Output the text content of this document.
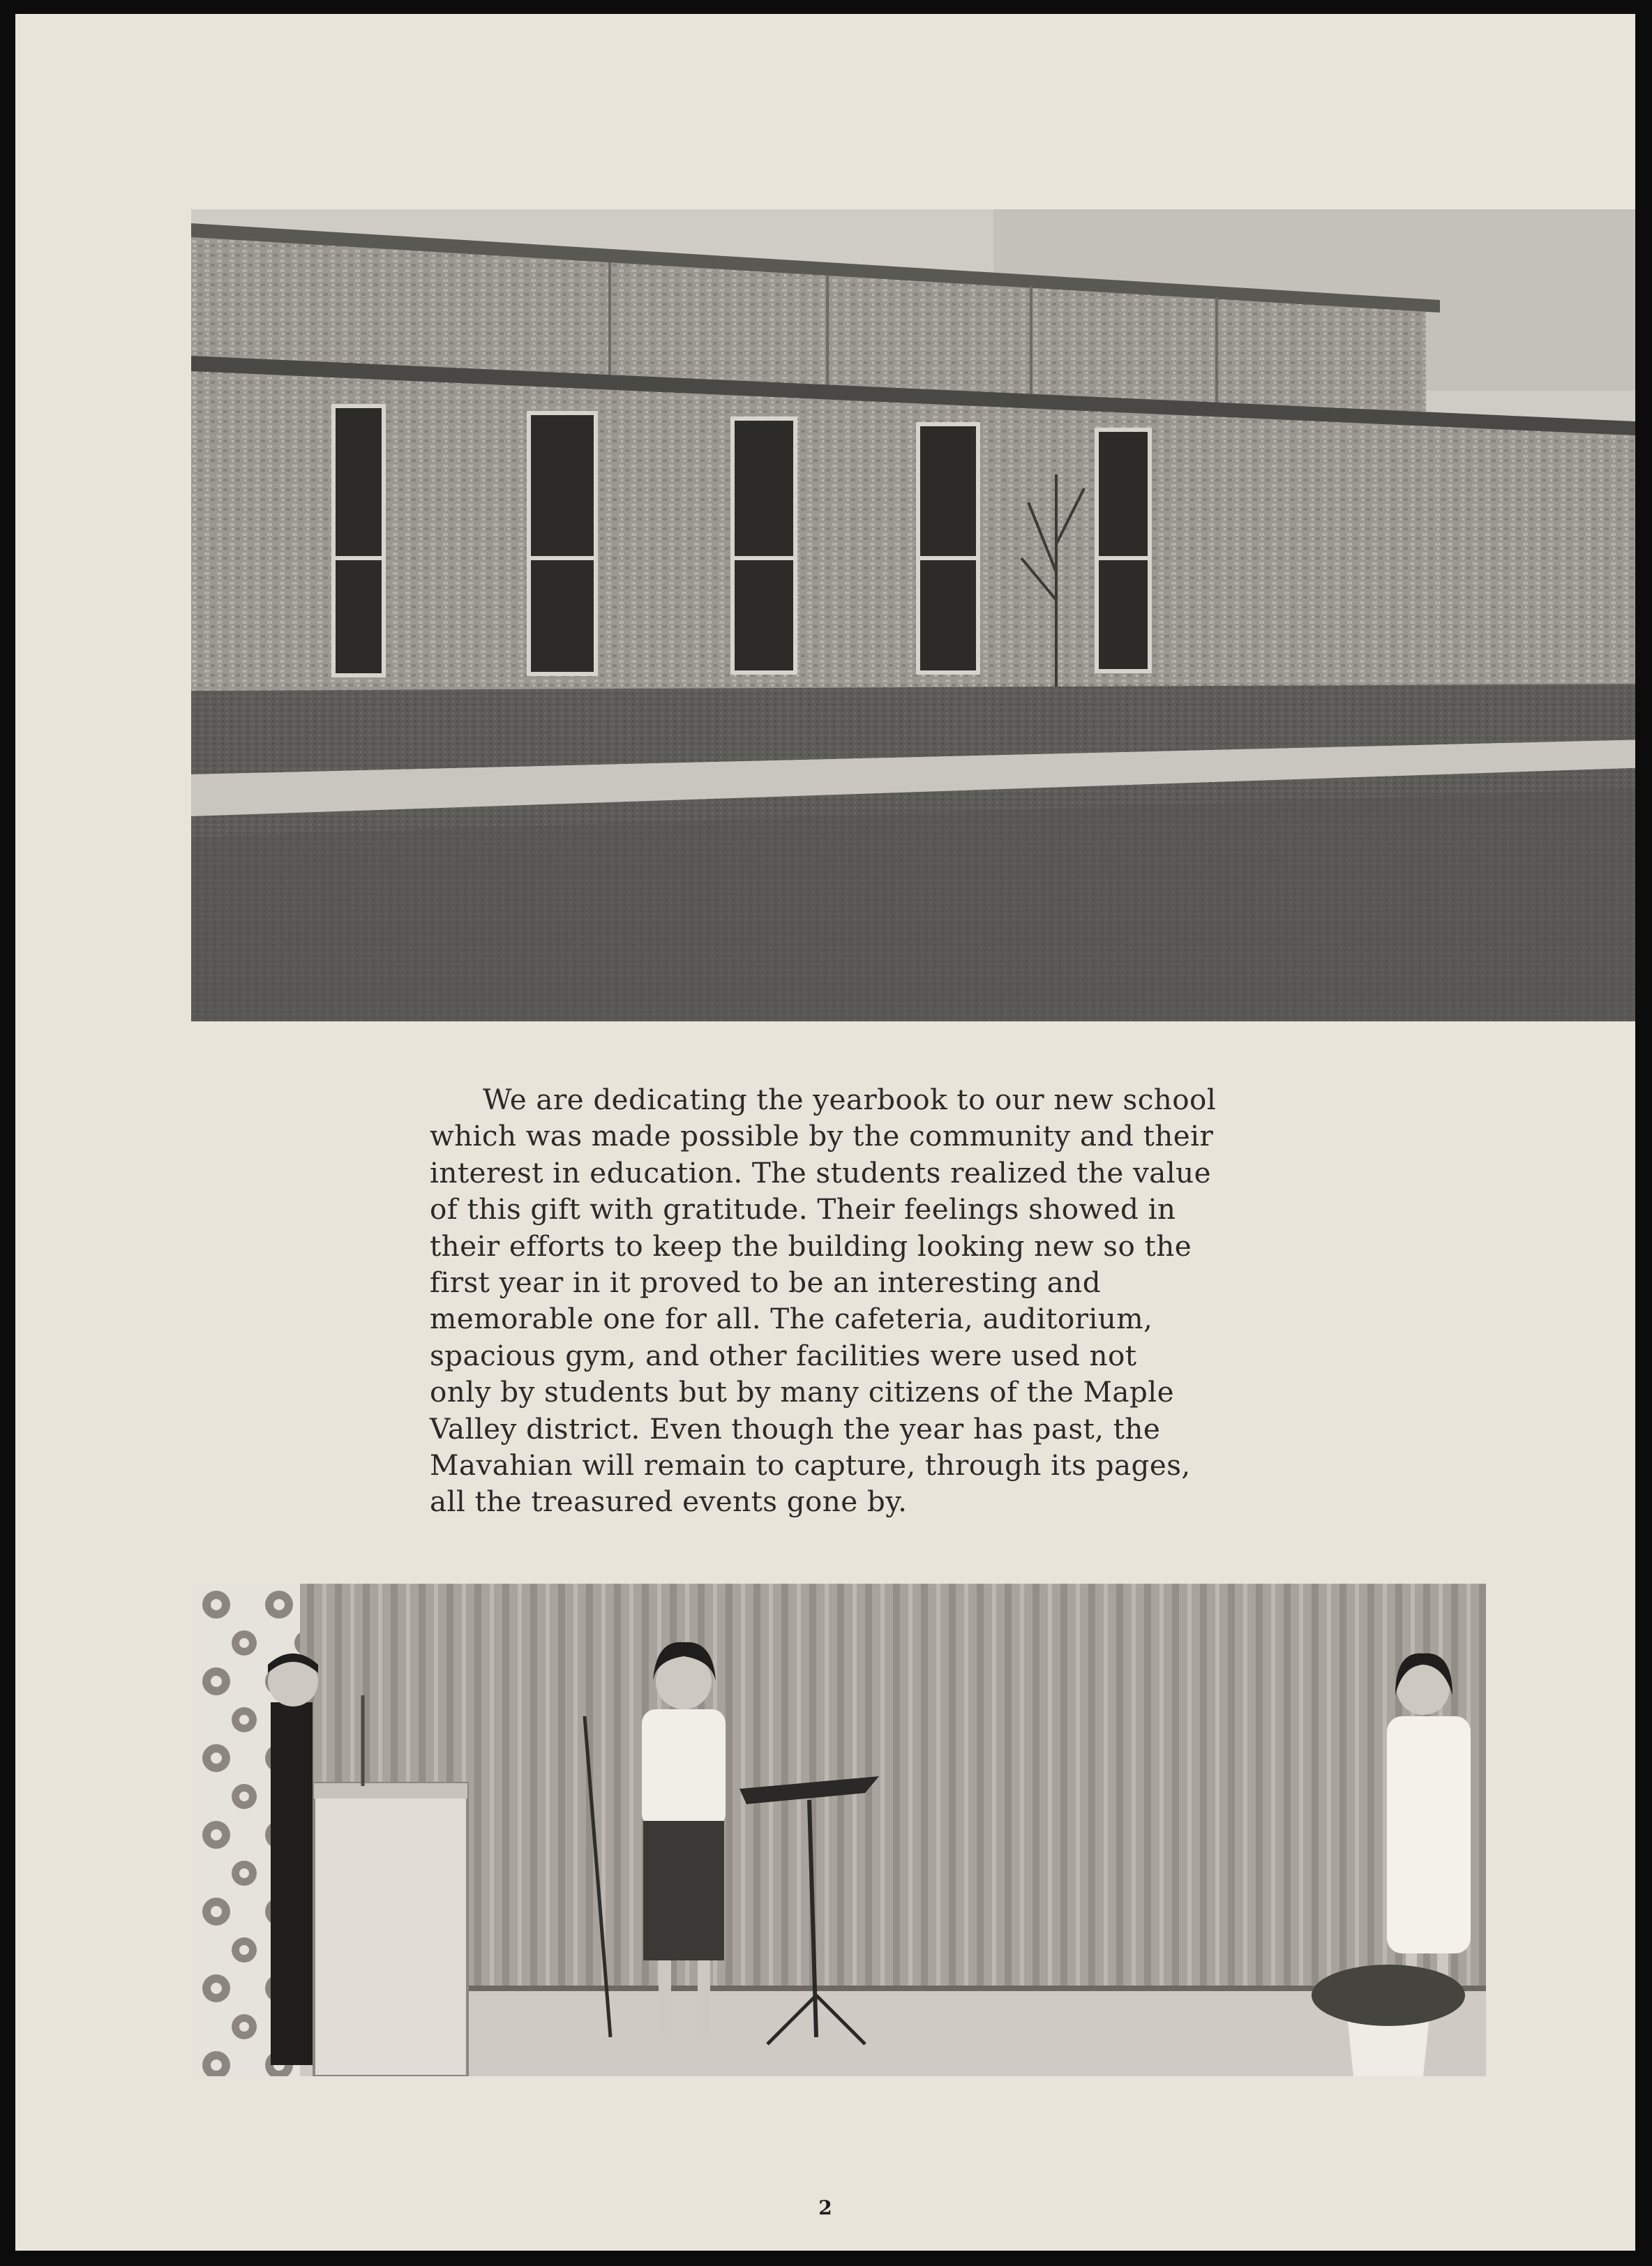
We are dedicating the yearbook to our new school
which was made possible by the community and their
interest in education. The students realized the value
of this gift with gratitude. Their feelings showed in
their efforts to keep the building looking new so the
first year in it proved to be an interesting and
memorable one for all. The cafeteria, auditorium,
spacious gym, and other facilities were used not
only by students but by many citizens of the Maple
Valley district. Even though the year has past, the
Mavahian will remain to capture, through its pages,
all the treasured events gone by.
2
